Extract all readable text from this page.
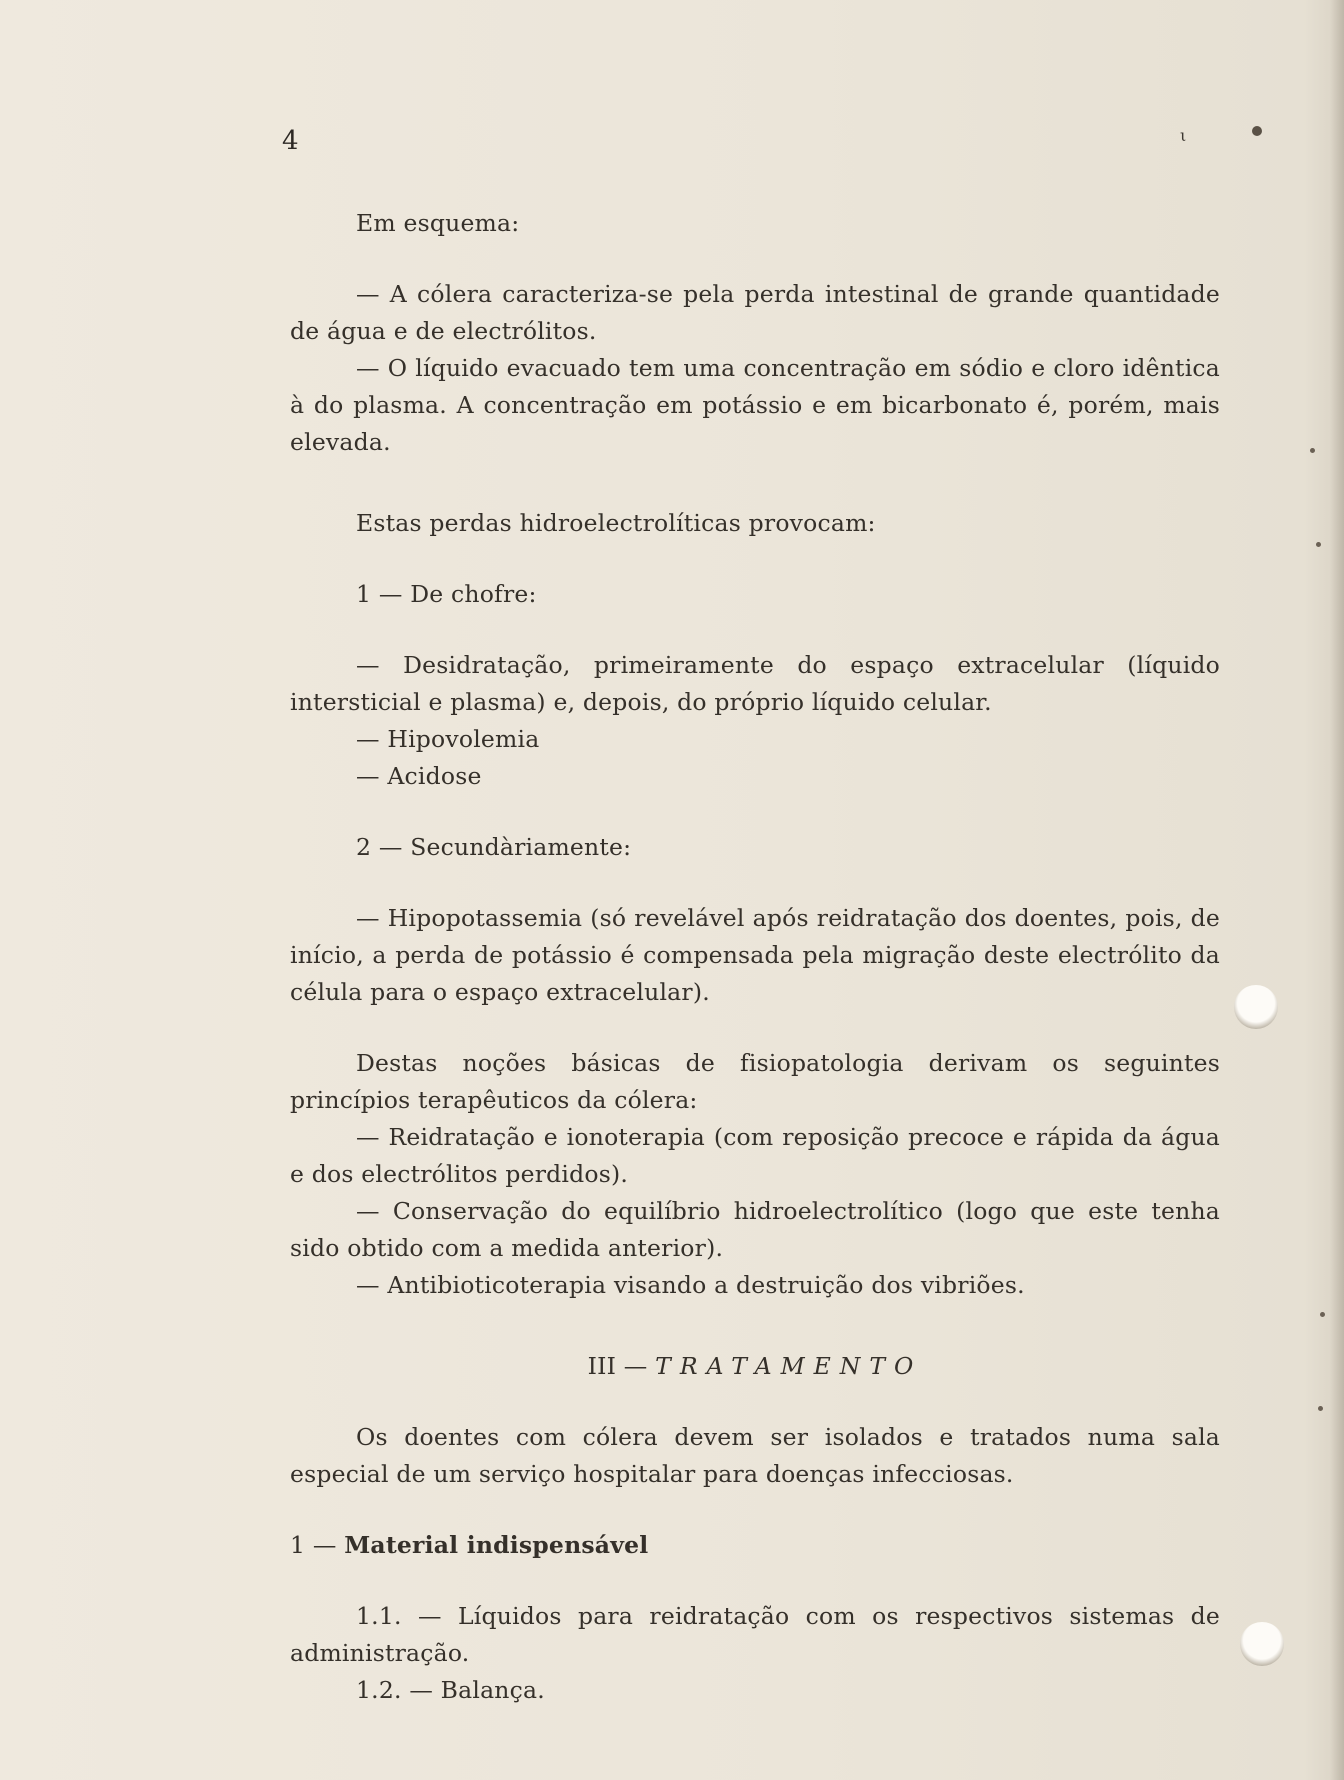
4	ι

Em esquema:

— A cólera caracteriza-se pela perda intestinal de grande quantidade de água e de electrólitos.

— O líquido evacuado tem uma concentração em sódio e cloro idêntica à do plasma. A concentração em potássio e em bicarbonato é, porém, mais elevada.

Estas perdas hidroelectrolíticas provocam:

1 — De chofre:

— Desidratação, primeiramente do espaço extracelular (líquido intersticial e plasma) e, depois, do próprio líquido celular.

— Hipovolemia

— Acidose

2 — Secundàriamente:

— Hipopotassemia (só revelável após reidratação dos doentes, pois, de início, a perda de potássio é compensada pela migração deste electrólito da célula para o espaço extracelular).

Destas noções básicas de fisiopatologia derivam os seguintes princípios terapêuticos da cólera:

— Reidratação e ionoterapia (com reposição precoce e rápida da água e dos electrólitos perdidos).

— Conservação do equilíbrio hidroelectrolítico (logo que este tenha sido obtido com a medida anterior).

— Antibioticoterapia visando a destruição dos vibriões.

III — TRATAMENTO

Os doentes com cólera devem ser isolados e tratados numa sala especial de um serviço hospitalar para doenças infecciosas.

1 — Material indispensável

1.1. — Líquidos para reidratação com os respectivos sistemas de administração.

1.2. — Balança.
